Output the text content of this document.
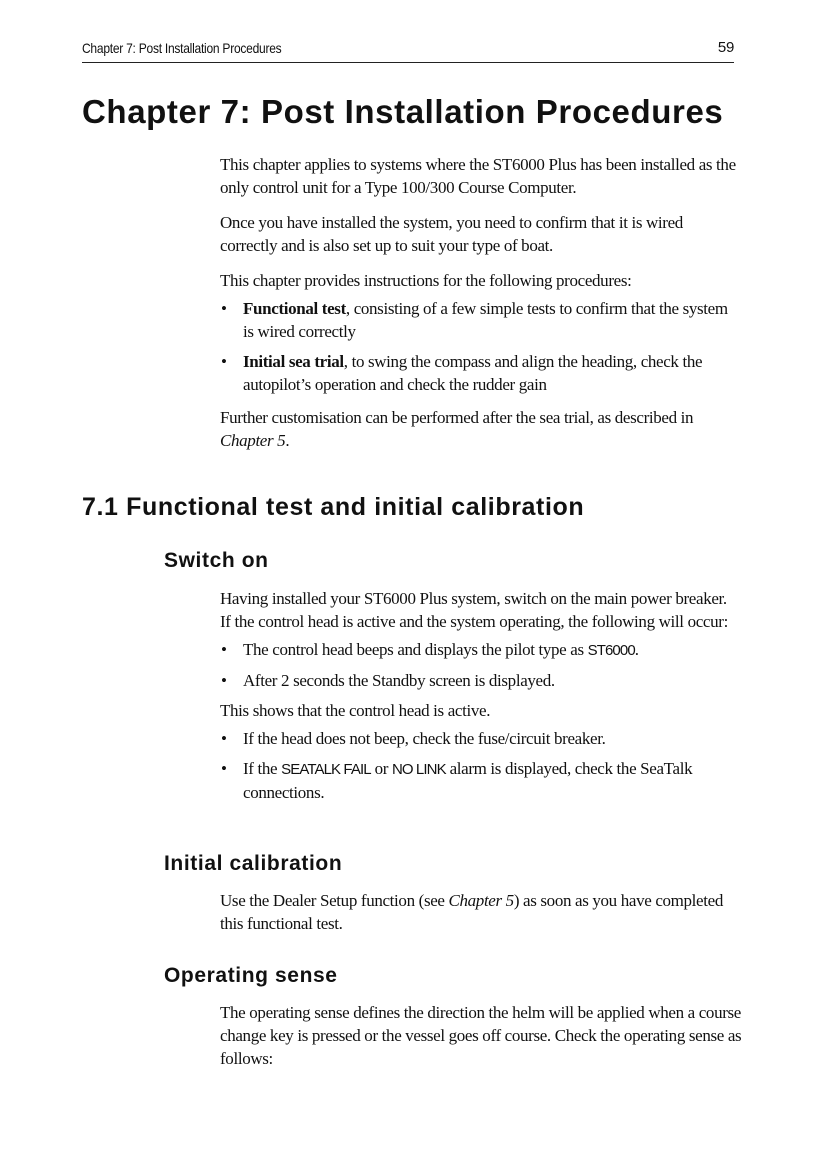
Chapter 7: Post Installation Procedures	59
Chapter 7: Post Installation Procedures

This chapter applies to systems where the ST6000 Plus has been installed as the only control unit for a Type 100/300 Course Computer.

Once you have installed the system, you need to confirm that it is wired correctly and is also set up to suit your type of boat.

This chapter provides instructions for the following procedures:

• Functional test, consisting of a few simple tests to confirm that the system is wired correctly
• Initial sea trial, to swing the compass and align the heading, check the autopilot’s operation and check the rudder gain

Further customisation can be performed after the sea trial, as described in Chapter 5.

7.1 Functional test and initial calibration
Switch on

Having installed your ST6000 Plus system, switch on the main power breaker. If the control head is active and the system operating, the following will occur:

• The control head beeps and displays the pilot type as ST6000.
• After 2 seconds the Standby screen is displayed.

This shows that the control head is active.

• If the head does not beep, check the fuse/circuit breaker.
• If the SEATALK FAIL or NO LINK alarm is displayed, check the SeaTalk connections.
Initial calibration

Use the Dealer Setup function (see Chapter 5) as soon as you have completed this functional test.

Operating sense

The operating sense defines the direction the helm will be applied when a course change key is pressed or the vessel goes off course. Check the operating sense as follows:
